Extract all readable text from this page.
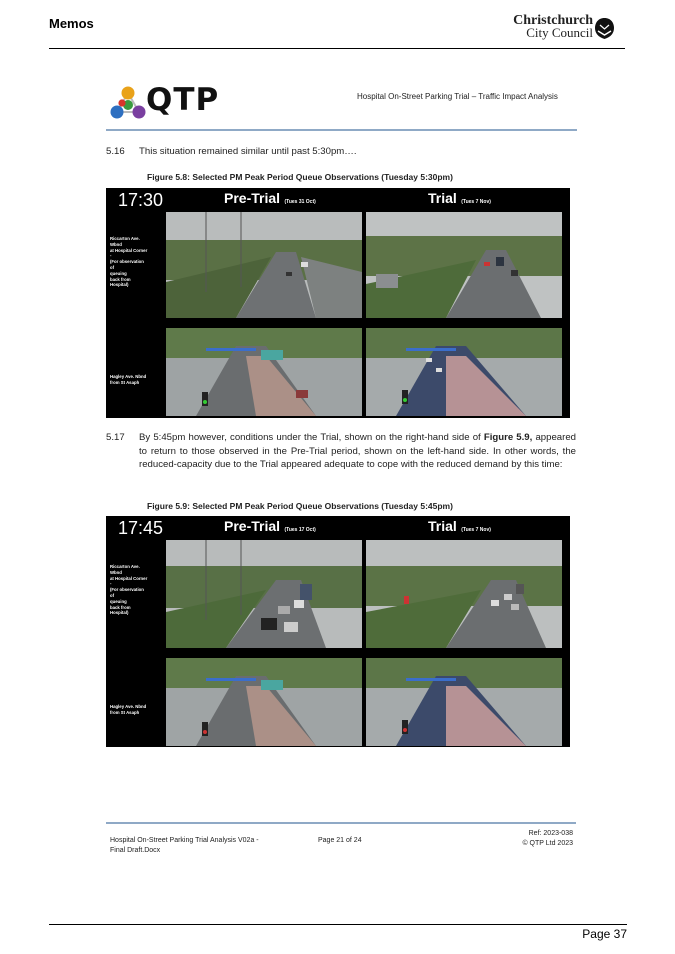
Memos	Christchurch
City Council
QTP	Hospital On-Street Parking Trial – Traffic Impact Analysis
5.16 This situation remained similar until past 5:30pm….
Figure 5.8: Selected PM Peak Period Queue Observations (Tuesday 5:30pm)
17:30	Pre-Trial (Tues 31 Oct)	Trial (Tues 7 Nov)
Riccarton Ave.
Wbnd
at Hospital Corner
-
(For observation
of
queuing
back from
Hospital)
Hagley Ave. Nbnd
from St Asaph
5.17 By 5:45pm however, conditions under the Trial, shown on the right-hand side of Figure 5.9, appeared to return to those observed in the Pre-Trial period, shown on the left-hand side. In other words, the reduced-capacity due to the Trial appeared adequate to cope with the reduced demand by this time:
Figure 5.9: Selected PM Peak Period Queue Observations (Tuesday 5:45pm)
17:45	Pre-Trial (Tues 17 Oct)	Trial (Tues 7 Nov)
Riccarton Ave.
Wbnd
at Hospital Corner
-
(For observation
of
queuing
back from
Hospital)
Hagley Ave. Nbnd
from St Asaph
Hospital On-Street Parking Trial Analysis V02a -
Final Draft.Docx
Page 21 of 24
Ref: 2023-038
© QTP Ltd 2023
Page 37
